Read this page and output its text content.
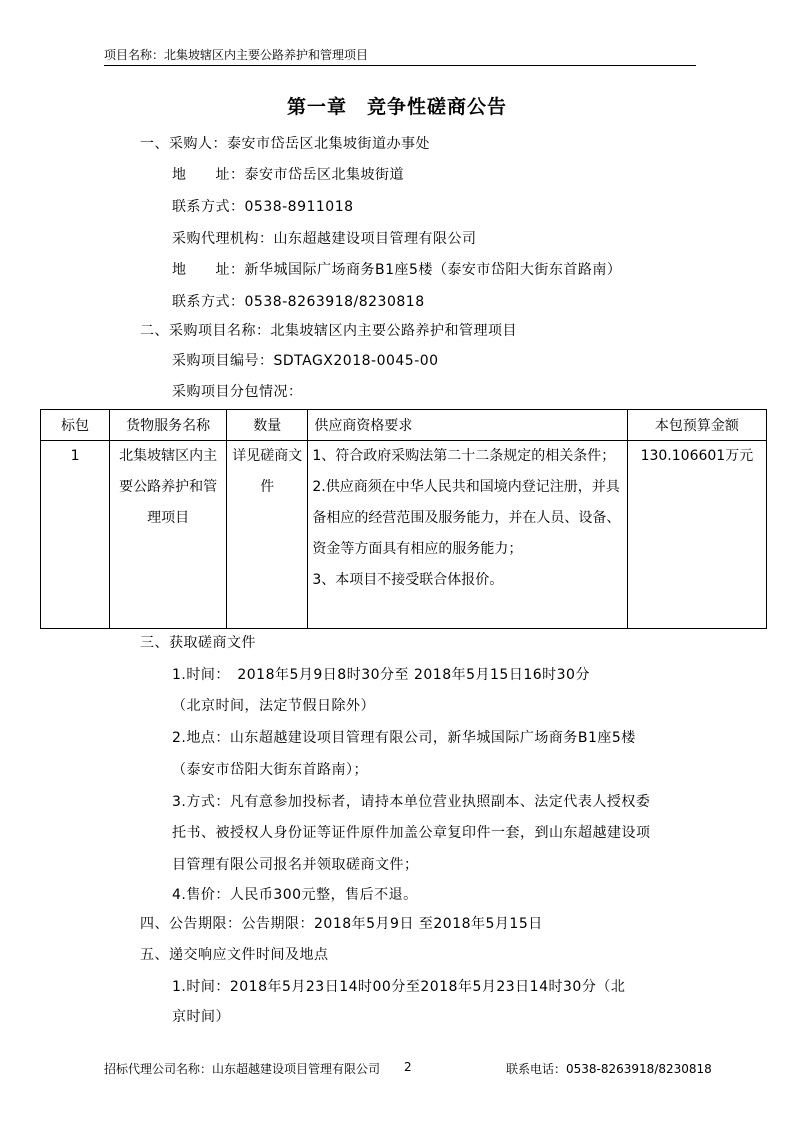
项目名称：北集坡辖区内主要公路养护和管理项目
第一章　竞争性磋商公告
一、采购人：泰安市岱岳区北集坡街道办事处
地　　址：泰安市岱岳区北集坡街道
联系方式：0538-8911018
采购代理机构：山东超越建设项目管理有限公司
地　　址：新华城国际广场商务B1座5楼（泰安市岱阳大街东首路南）
联系方式：0538-8263918/8230818
二、采购项目名称：北集坡辖区内主要公路养护和管理项目
采购项目编号：SDTAGX2018-0045-00
采购项目分包情况：
标包	货物服务名称	数量	供应商资格要求	本包预算金额
1	北集坡辖区内主要公路养护和管理项目	详见磋商文件	1、符合政府采购法第二十二条规定的相关条件；

2.供应商须在中华人民共和国境内登记注册，并具备相应的经营范围及服务能力，并在人员、设备、资金等方面具有相应的服务能力；

3、本项目不接受联合体报价。	130.106601万元
三、获取磋商文件
1.时间：　2018年5月9日8时30分至 2018年5月15日16时30分
（北京时间，法定节假日除外）
2.地点：山东超越建设项目管理有限公司，新华城国际广场商务B1座5楼
（泰安市岱阳大街东首路南）；
3.方式：凡有意参加投标者，请持本单位营业执照副本、法定代表人授权委
托书、被授权人身份证等证件原件加盖公章复印件一套，到山东超越建设项
目管理有限公司报名并领取磋商文件；
4.售价：人民币300元整，售后不退。
四、公告期限：公告期限：2018年5月9日 至2018年5月15日
五、递交响应文件时间及地点
1.时间：2018年5月23日14时00分至2018年5月23日14时30分（北
京时间）
招标代理公司名称：山东超越建设项目管理有限公司 2	联系电话：0538-8263918/8230818
